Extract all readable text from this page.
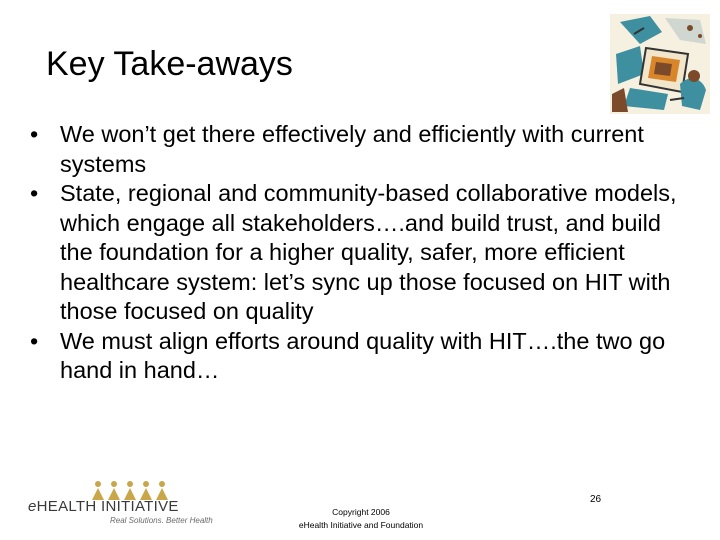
Key Take-aways
• We won’t get there effectively and efficiently with current systems
• State, regional and community-based collaborative models, which engage all stakeholders….and build trust, and build the foundation for a higher quality, safer, more efficient healthcare system: let’s sync up those focused on HIT with those focused on quality
• We must align efforts around quality with HIT….the two go hand in hand…
eHEALTH INITIATIVE
Real Solutions. Better Health
Copyright 2006
eHealth Initiative and Foundation
26
